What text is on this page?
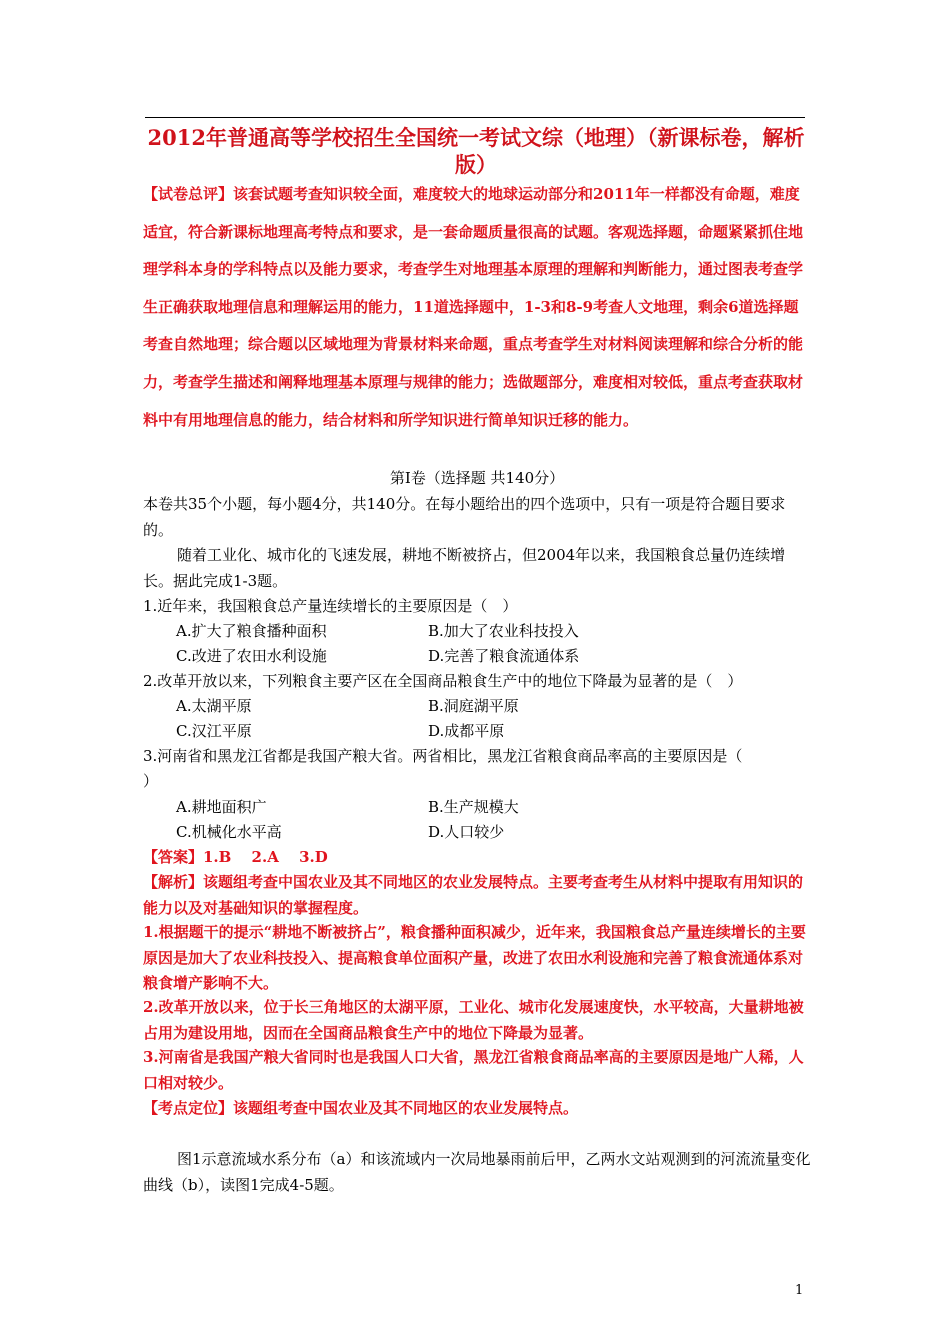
2012年普通高等学校招生全国统一考试文综（地理）（新课标卷，解析版）
【试卷总评】该套试题考查知识较全面，难度较大的地球运动部分和2011年一样都没有命题，难度适宜，符合新课标地理高考特点和要求，是一套命题质量很高的试题。客观选择题，命题紧紧抓住地理学科本身的学科特点以及能力要求，考查学生对地理基本原理的理解和判断能力，通过图表考查学生正确获取地理信息和理解运用的能力，11道选择题中，1-3和8-9考查人文地理，剩余6道选择题考查自然地理；综合题以区域地理为背景材料来命题，重点考查学生对材料阅读理解和综合分析的能力，考查学生描述和阐释地理基本原理与规律的能力；选做题部分，难度相对较低，重点考查获取材料中有用地理信息的能力，结合材料和所学知识进行简单知识迁移的能力。
第Ⅰ卷（选择题 共140分）
本卷共35个小题，每小题4分，共140分。在每小题给出的四个选项中，只有一项是符合题目要求的。
随着工业化、城市化的飞速发展，耕地不断被挤占，但2004年以来，我国粮食总量仍连续增长。据此完成1-3题。
1.近年来，我国粮食总产量连续增长的主要原因是（　）
A.扩大了粮食播种面积	B.加大了农业科技投入
C.改进了农田水利设施	D.完善了粮食流通体系
2.改革开放以来，下列粮食主要产区在全国商品粮食生产中的地位下降最为显著的是（　）
A.太湖平原	B.洞庭湖平原
C.汉江平原	D.成都平原
3.河南省和黑龙江省都是我国产粮大省。两省相比，黑龙江省粮食商品率高的主要原因是（
）
A.耕地面积广	B.生产规模大
C.机械化水平高	D.人口较少
【答案】1.B　 2.A　 3.D
【解析】该题组考查中国农业及其不同地区的农业发展特点。主要考查考生从材料中提取有用知识的能力以及对基础知识的掌握程度。
1.根据题干的提示“耕地不断被挤占”，粮食播种面积减少，近年来，我国粮食总产量连续增长的主要原因是加大了农业科技投入、提高粮食单位面积产量，改进了农田水利设施和完善了粮食流通体系对粮食增产影响不大。
2.改革开放以来，位于长三角地区的太湖平原，工业化、城市化发展速度快，水平较高，大量耕地被占用为建设用地，因而在全国商品粮食生产中的地位下降最为显著。
3.河南省是我国产粮大省同时也是我国人口大省，黑龙江省粮食商品率高的主要原因是地广人稀，人口相对较少。
【考点定位】该题组考查中国农业及其不同地区的农业发展特点。
图1示意流域水系分布（a）和该流域内一次局地暴雨前后甲，乙两水文站观测到的河流流量变化曲线（b），读图1完成4-5题。
1
